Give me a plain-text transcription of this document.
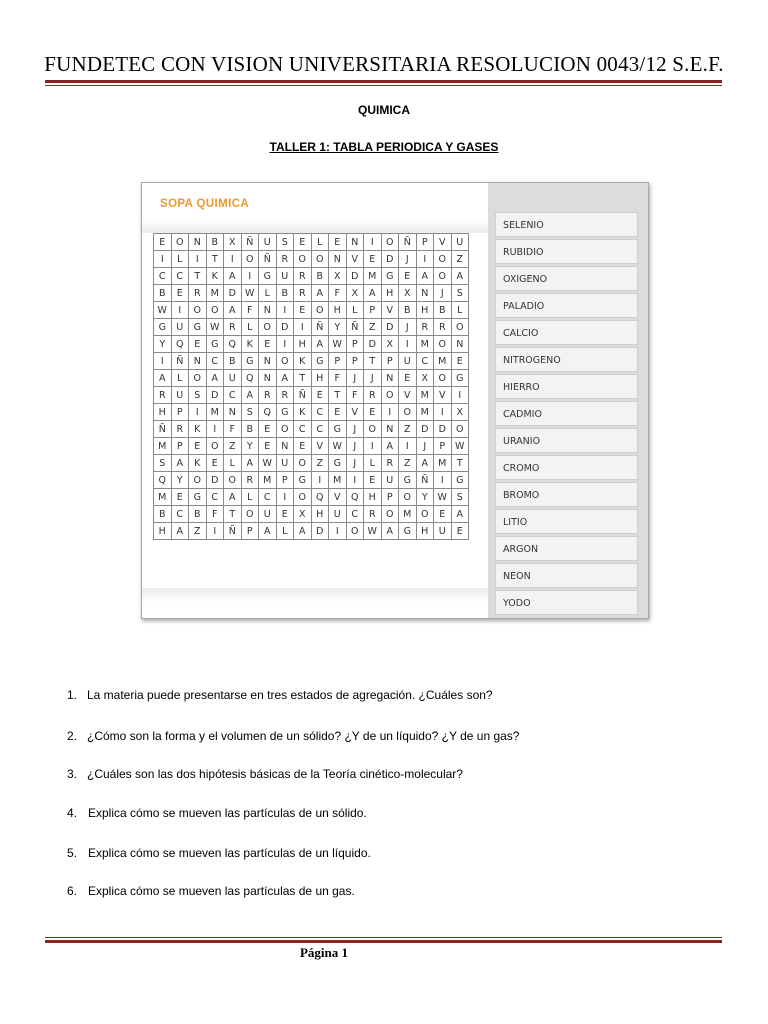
FUNDETEC CON VISION UNIVERSITARIA RESOLUCION 0043/12 S.E.F.
QUIMICA
TALLER 1: TABLA PERIODICA Y GASES
SOPA QUIMICA
E	O	N	B	X	Ñ	U	S	E	L	E	N	I	O	Ñ	P	V	U
I	L	I	T	I	O	Ñ	R	O	O	N	V	E	D	J	I	O	Z
C	C	T	K	A	I	G	U	R	B	X	D	M	G	E	A	O	A
B	E	R	M	D	W	L	B	R	A	F	X	A	H	X	N	J	S
W	I	O	O	A	F	N	I	E	O	H	L	P	V	B	H	B	L
G	U	G	W	R	L	O	D	I	Ñ	Y	Ñ	Z	D	J	R	R	O
Y	Q	E	G	Q	K	E	I	H	A	W	P	D	X	I	M	O	N
I	Ñ	N	C	B	G	N	O	K	G	P	P	T	P	U	C	M	E
A	L	O	A	U	Q	N	A	T	H	F	J	J	N	E	X	O	G
R	U	S	D	C	A	R	R	Ñ	E	T	F	R	O	V	M	V	I
H	P	I	M	N	S	Q	G	K	C	E	V	E	I	O	M	I	X
Ñ	R	K	I	F	B	E	O	C	C	G	J	O	N	Z	D	D	O
M	P	E	O	Z	Y	E	N	E	V	W	J	I	A	I	J	P	W
S	A	K	E	L	A	W	U	O	Z	G	J	L	R	Z	A	M	T
Q	Y	O	D	O	R	M	P	G	I	M	I	E	U	G	Ñ	I	G
M	E	G	C	A	L	C	I	O	Q	V	Q	H	P	O	Y	W	S
B	C	B	F	T	O	U	E	X	H	U	C	R	O	M	O	E	A
H	A	Z	I	Ñ	P	A	L	A	D	I	O	W	A	G	H	U	E
SELENIO
RUBIDIO
OXIGENO
PALADIO
CALCIO
NITROGENO
HIERRO
CADMIO
URANIO
CROMO
BROMO
LITIO
ARGON
NEON
YODO
1. La materia puede presentarse en tres estados de agregación. ¿Cuáles son?
2. ¿Cómo son la forma y el volumen de un sólido? ¿Y de un líquido? ¿Y de un gas?
3. ¿Cuáles son las dos hipótesis básicas de la Teoría cinético-molecular?
4. Explica cómo se mueven las partículas de un sólido.
5. Explica cómo se mueven las partículas de un líquido.
6. Explica cómo se mueven las partículas de un gas.
Página 1
